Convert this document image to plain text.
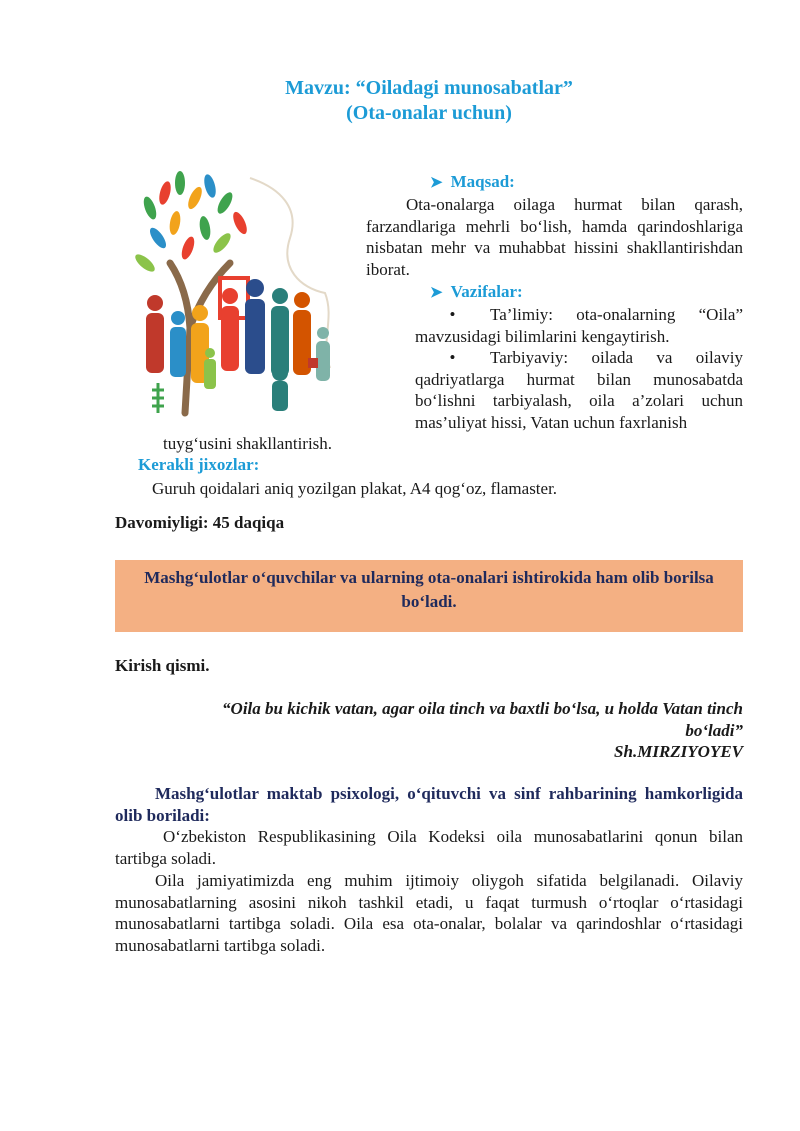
Mavzu: “Oiladagi munosabatlar”
(Ota-onalar uchun)
➤ Maqsad:
Ota-onalarga oilaga hurmat bilan qarash, farzandlariga mehrli bo‘lish, hamda qarindoshlariga nisbatan mehr va muhabbat hissini shakllantirishdan iborat.
➤ Vazifalar:
• Ta’limiy: ota-onalarning “Oila” mavzusidagi bilimlarini kengaytirish.
• Tarbiyaviy: oilada va oilaviy qadriyatlarga hurmat bilan munosabatda bo‘lishni tarbiyalash, oila a’zolari uchun mas’uliyat hissi, Vatan uchun faxrlanish
tuyg‘usini shakllantirish.
Kerakli jixozlar:
Guruh qoidalari aniq yozilgan plakat, A4 qog‘oz, flamaster.
Davomiyligi: 45 daqiqa
Mashg‘ulotlar o‘quvchilar va ularning ota-onalari ishtirokida ham olib borilsa bo‘ladi.
Kirish qismi.
“Oila bu kichik vatan, agar oila tinch va baxtli bo‘lsa, u holda Vatan tinch
bo‘ladi”
Sh.MIRZIYOYEV
Mashg‘ulotlar maktab psixologi, o‘qituvchi va sinf rahbarining hamkorligida olib boriladi:
O‘zbekiston Respublikasining Oila Kodeksi oila munosabatlarini qonun bilan tartibga soladi.
Oila jamiyatimizda eng muhim ijtimoiy oliygoh sifatida belgilanadi. Oilaviy munosabatlarning asosini nikoh tashkil etadi, u faqat turmush o‘rtoqlar o‘rtasidagi munosabatlarni tartibga soladi. Oila esa ota-onalar, bolalar va qarindoshlar o‘rtasidagi munosabatlarni tartibga soladi.
